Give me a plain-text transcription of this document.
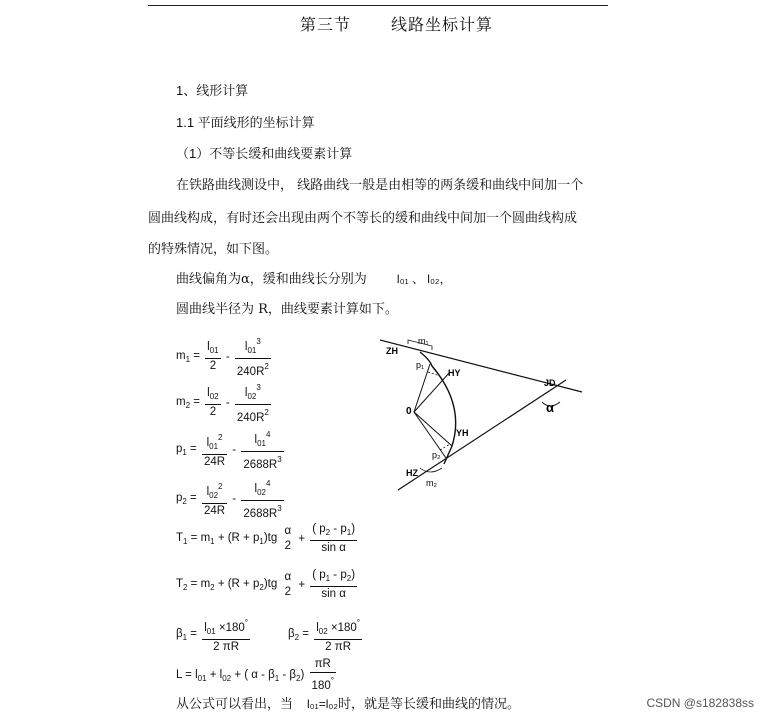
第三节	线路坐标计算
1、线形计算
1.1 平面线形的坐标计算
（1）不等长缓和曲线要素计算
在铁路曲线测设中， 线路曲线一般是由相等的两条缓和曲线中间加一个
圆曲线构成，有时还会出现由两个不等长的缓和曲线中间加一个圆曲线构成
的特殊情况，如下图。
曲线偏角为α，缓和曲线长分别为	l₀₁ 、 l₀₂，
圆曲线半径为 R，曲线要素计算如下。
$m_1 = \frac{l_{01}}{2} - \frac{l_{01}^3}{240R^2}$
$m_2 = \frac{l_{02}}{2} - \frac{l_{02}^3}{240R^2}$
$p_1 = \frac{l_{01}^2}{24R} - \frac{l_{01}^4}{2688R^3}$
$p_2 = \frac{l_{02}^2}{24R} - \frac{l_{02}^4}{2688R^3}$
$T_1 = m_1 + (R + p_1)tg$
α
2
+ $\frac{( p_2 - p_1)}{\text{sin α}}$
$T_2 = m_2 + (R + p_2)tg$
α
2
+ $\frac{( p_1 - p_2)}{\text{sin α}}$
$\beta_1 = \frac{l_{01} \times 180^\circ}{2 \pi R}$	$\beta_2 = \frac{l_{02} \times 180^\circ}{2 \pi R}$
$L = l_{01} + l_{02}$ + ( α - $\beta_1 - \beta_2) \frac{\pi R}{180^\circ}$
从公式可以看出，当 l₀₁=l₀₂时，就是等长缓和曲线的情况。
ZH
m₁
p₁
HY
0
YH
p₂
HZ
m₂
JD
α
CSDN @s182838ss
